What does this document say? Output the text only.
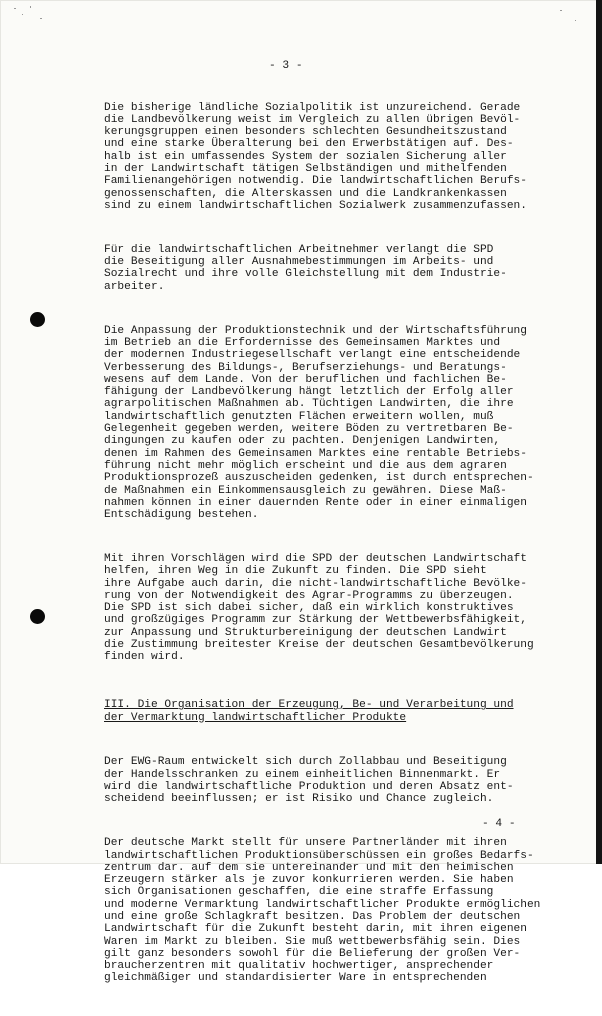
- 3 -

Die bisherige ländliche Sozialpolitik ist unzureichend. Gerade
die Landbevölkerung weist im Vergleich zu allen übrigen Bevöl-
kerungsgruppen einen besonders schlechten Gesundheitszustand
und eine starke Überalterung bei den Erwerbstätigen auf. Des-
halb ist ein umfassendes System der sozialen Sicherung aller
in der Landwirtschaft tätigen Selbständigen und mithelfenden
Familienangehörigen notwendig. Die landwirtschaftlichen Berufs-
genossenschaften, die Alterskassen und die Landkrankenkassen
sind zu einem landwirtschaftlichen Sozialwerk zusammenzufassen.

Für die landwirtschaftlichen Arbeitnehmer verlangt die SPD
die Beseitigung aller Ausnahmebestimmungen im Arbeits- und
Sozialrecht und ihre volle Gleichstellung mit dem Industrie-
arbeiter.

Die Anpassung der Produktionstechnik und der Wirtschaftsführung
im Betrieb an die Erfordernisse des Gemeinsamen Marktes und
der modernen Industriegesellschaft verlangt eine entscheidende
Verbesserung des Bildungs-, Berufserziehungs- und Beratungs-
wesens auf dem Lande. Von der beruflichen und fachlichen Be-
fähigung der Landbevölkerung hängt letztlich der Erfolg aller
agrarpolitischen Maßnahmen ab. Tüchtigen Landwirten, die ihre
landwirtschaftlich genutzten Flächen erweitern wollen, muß
Gelegenheit gegeben werden, weitere Böden zu vertretbaren Be-
dingungen zu kaufen oder zu pachten. Denjenigen Landwirten,
denen im Rahmen des Gemeinsamen Marktes eine rentable Betriebs-
führung nicht mehr möglich erscheint und die aus dem agraren
Produktionsprozeß auszuscheiden gedenken, ist durch entsprechen-
de Maßnahmen ein Einkommensausgleich zu gewähren. Diese Maß-
nahmen können in einer dauernden Rente oder in einer einmaligen
Entschädigung bestehen.

Mit ihren Vorschlägen wird die SPD der deutschen Landwirtschaft
helfen, ihren Weg in die Zukunft zu finden. Die SPD sieht
ihre Aufgabe auch darin, die nicht-landwirtschaftliche Bevölke-
rung von der Notwendigkeit des Agrar-Programms zu überzeugen.
Die SPD ist sich dabei sicher, daß ein wirklich konstruktives
und großzügiges Programm zur Stärkung der Wettbewerbsfähigkeit,
zur Anpassung und Strukturbereinigung der deutschen Landwirt
die Zustimmung breitester Kreise der deutschen Gesamtbevölkerung
finden wird.

III. Die Organisation der Erzeugung, Be- und Verarbeitung und
der Vermarktung landwirtschaftlicher Produkte

Der EWG-Raum entwickelt sich durch Zollabbau und Beseitigung
der Handelsschranken zu einem einheitlichen Binnenmarkt. Er
wird die landwirtschaftliche Produktion und deren Absatz ent-
scheidend beeinflussen; er ist Risiko und Chance zugleich.

Der deutsche Markt stellt für unsere Partnerländer mit ihren
landwirtschaftlichen Produktionsüberschüssen ein großes Bedarfs-
zentrum dar. auf dem sie untereinander und mit den heimischen
Erzeugern stärker als je zuvor konkurrieren werden. Sie haben
sich Organisationen geschaffen, die eine straffe Erfassung
und moderne Vermarktung landwirtschaftlicher Produkte ermöglichen
und eine große Schlagkraft besitzen. Das Problem der deutschen
Landwirtschaft für die Zukunft besteht darin, mit ihren eigenen
Waren im Markt zu bleiben. Sie muß wettbewerbsfähig sein. Dies
gilt ganz besonders sowohl für die Belieferung der großen Ver-
braucherzentren mit qualitativ hochwertiger, ansprechender
gleichmäßiger und standardisierter Ware in entsprechenden

- 4 -
